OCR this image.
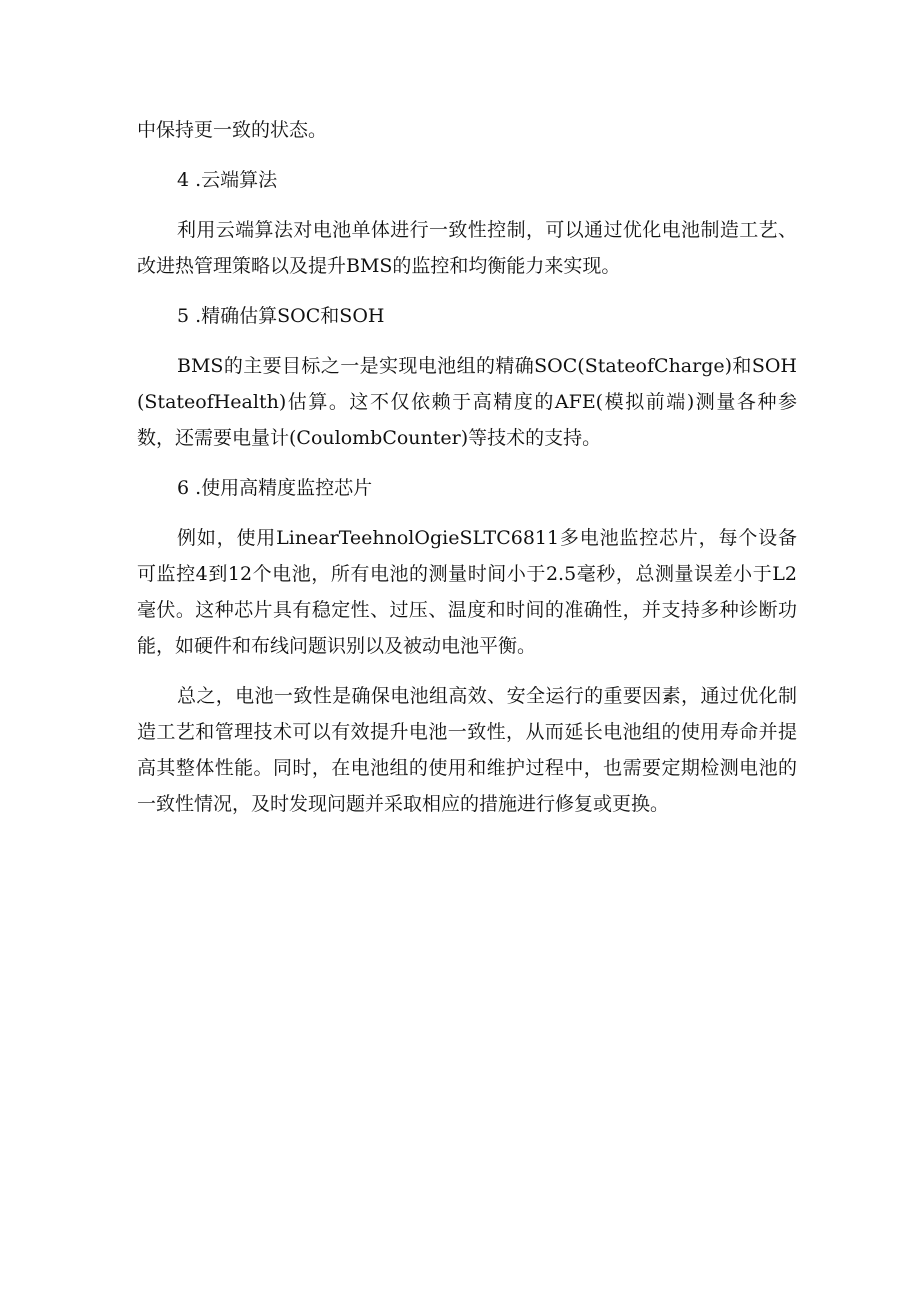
中保持更一致的状态。

4 .云端算法

利用云端算法对电池单体进行一致性控制，可以通过优化电池制造工艺、改进热管理策略以及提升BMS的监控和均衡能力来实现。

5 .精确估算SOC和SOH

BMS的主要目标之一是实现电池组的精确SOC(StateofCharge)和SOH(StateofHealth)估算。这不仅依赖于高精度的AFE(模拟前端)测量各种参数，还需要电量计(CoulombCounter)等技术的支持。

6 .使用高精度监控芯片

例如，使用LinearTeehnolOgieSLTC6811多电池监控芯片，每个设备可监控4到12个电池，所有电池的测量时间小于2.5毫秒，总测量误差小于L2毫伏。这种芯片具有稳定性、过压、温度和时间的准确性，并支持多种诊断功能，如硬件和布线问题识别以及被动电池平衡。

总之，电池一致性是确保电池组高效、安全运行的重要因素，通过优化制造工艺和管理技术可以有效提升电池一致性，从而延长电池组的使用寿命并提高其整体性能。同时，在电池组的使用和维护过程中，也需要定期检测电池的一致性情况，及时发现问题并采取相应的措施进行修复或更换。
